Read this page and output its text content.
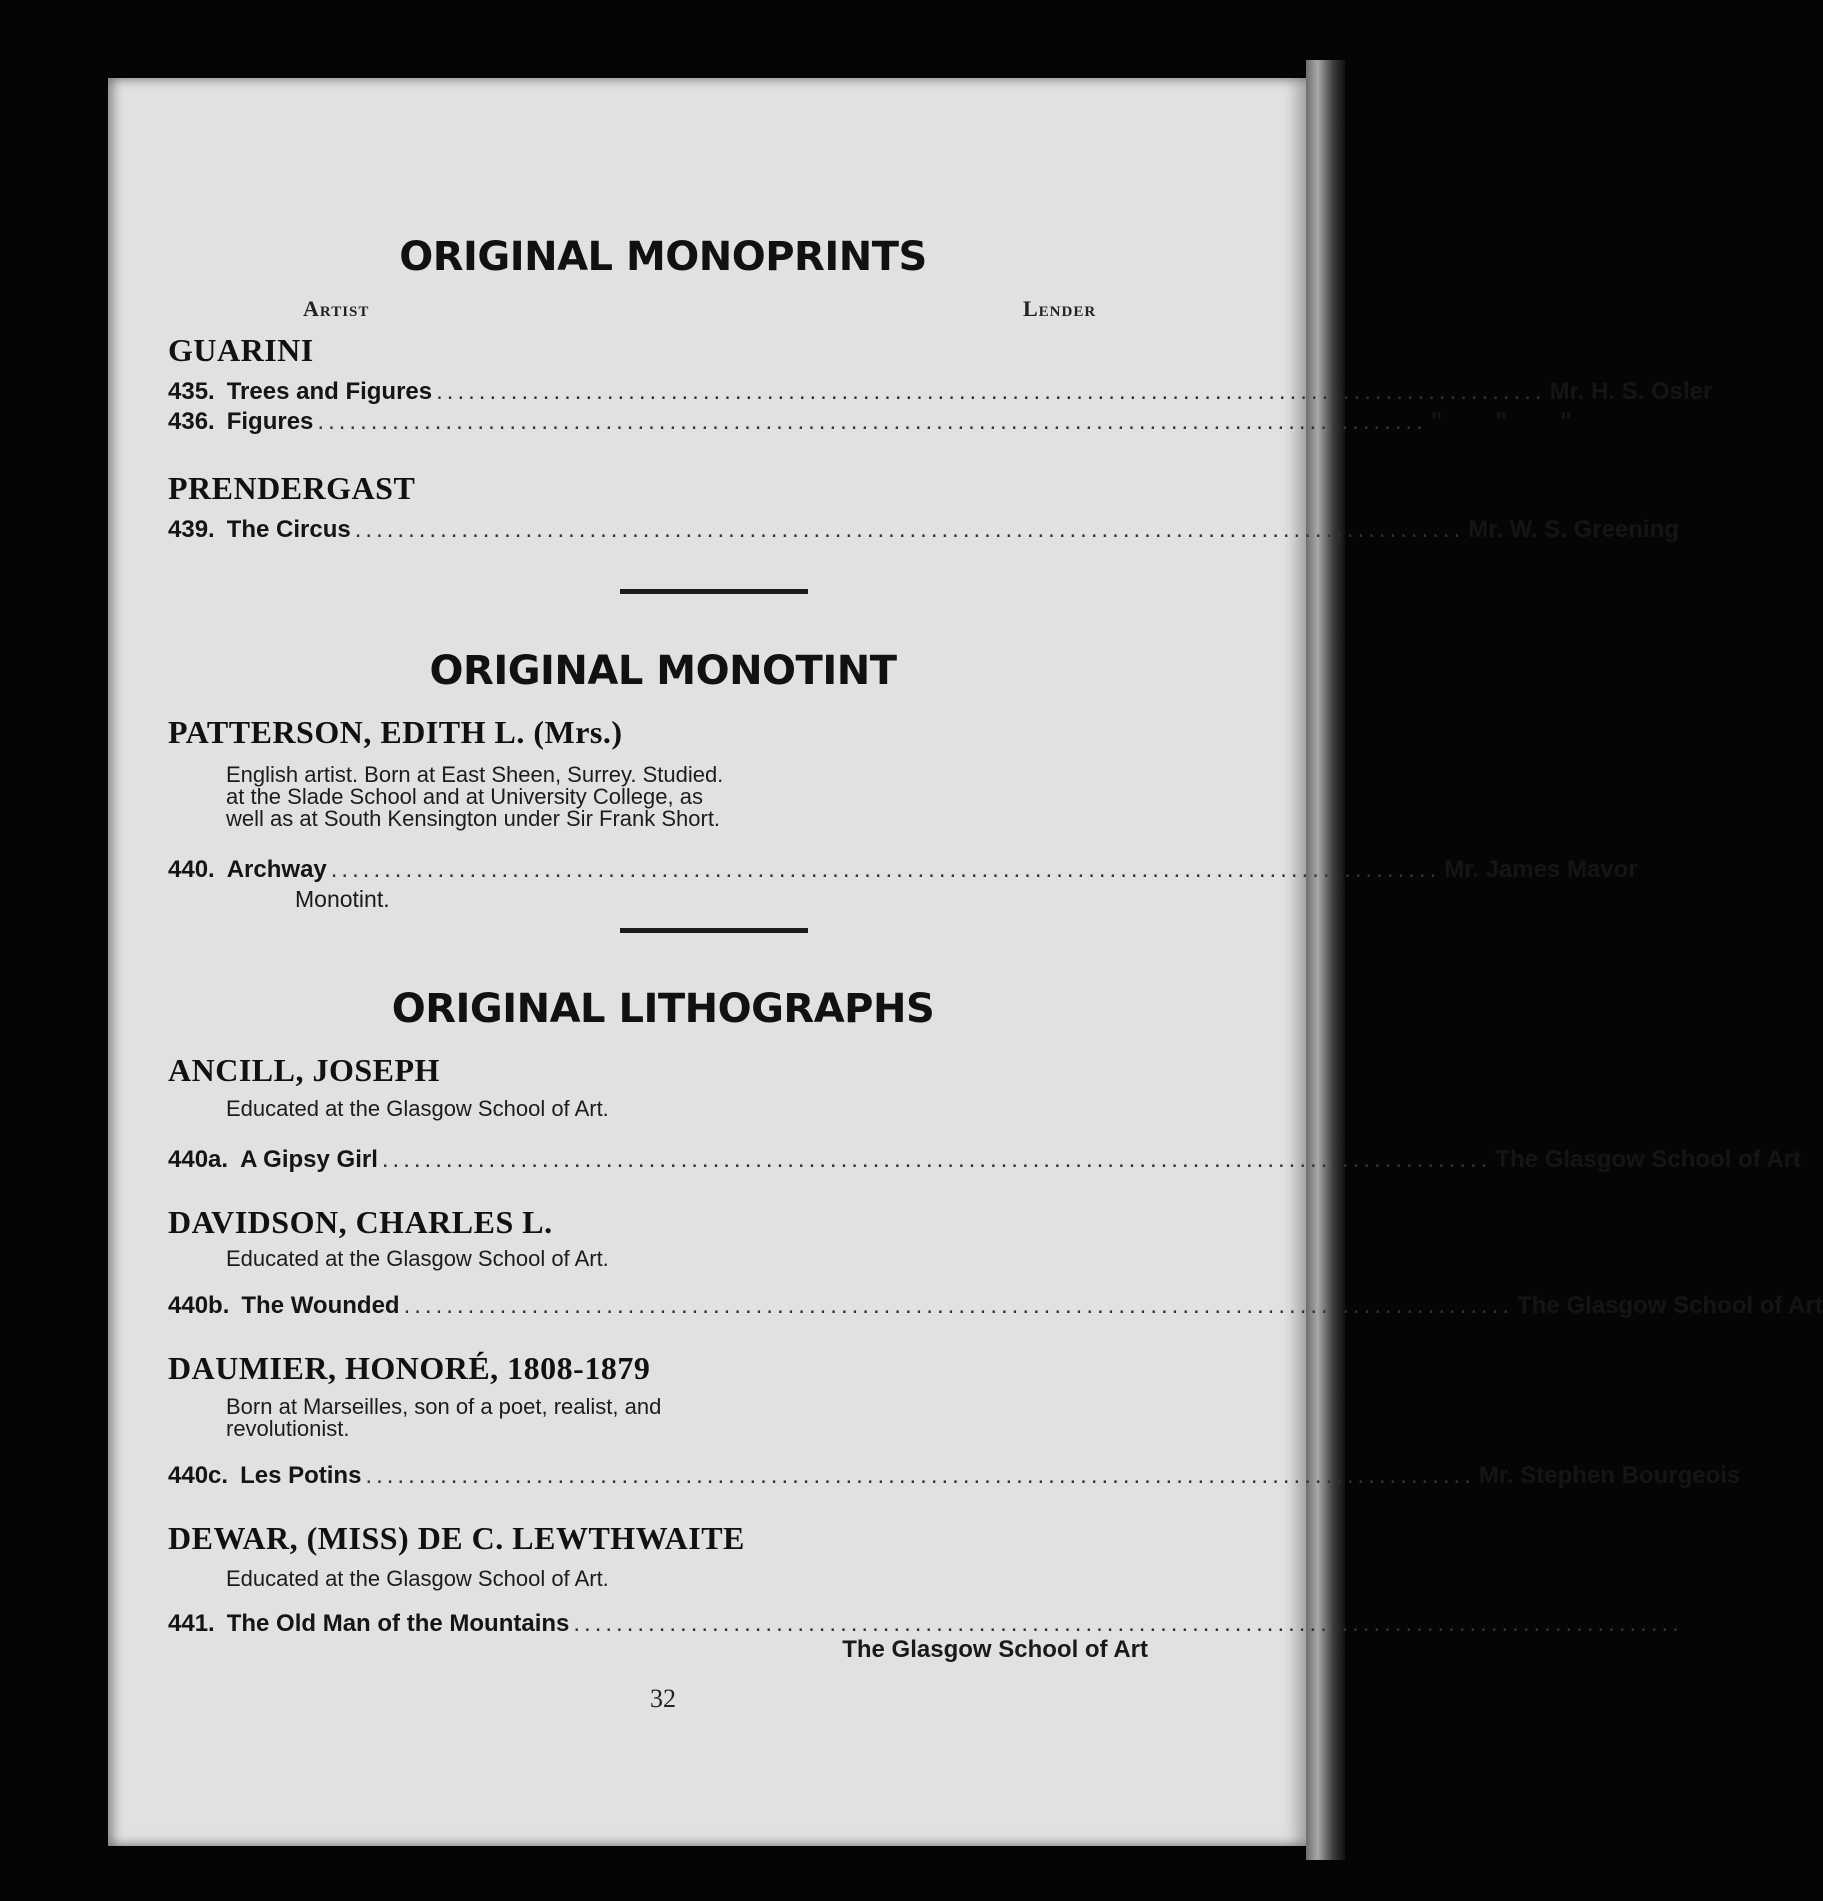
ORIGINAL MONOPRINTS
Artist	Lender
GUARINI
435. Trees and Figures ........................................................................................................ Mr. H. S. Osler
436. Figures ........................................................................................................ "        "        "
PRENDERGAST
439. The Circus ........................................................................................................ Mr. W. S. Greening
ORIGINAL MONOTINT
PATTERSON, EDITH L. (Mrs.)
English artist. Born at East Sheen, Surrey. Studied.
at the Slade School and at University College, as
well as at South Kensington under Sir Frank Short.
440. Archway ........................................................................................................ Mr. James Mavor
Monotint.
ORIGINAL LITHOGRAPHS
ANCILL, JOSEPH
Educated at the Glasgow School of Art.
440a. A Gipsy Girl ........................................................................................................ The Glasgow School of Art
DAVIDSON, CHARLES L.
Educated at the Glasgow School of Art.
440b. The Wounded ........................................................................................................ The Glasgow School of Art
DAUMIER, HONORÉ, 1808-1879
Born at Marseilles, son of a poet, realist, and
revolutionist.
440c. Les Potins ........................................................................................................ Mr. Stephen Bourgeois
DEWAR, (MISS) DE C. LEWTHWAITE
Educated at the Glasgow School of Art.
441. The Old Man of the Mountains ........................................................................................................
The Glasgow School of Art
32
